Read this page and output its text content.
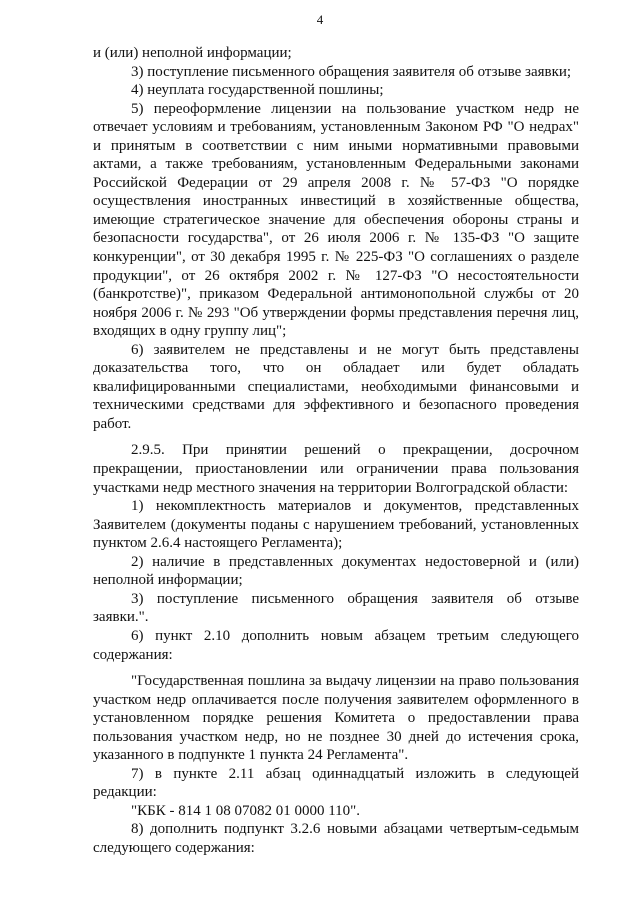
4

и (или) неполной информации;

3) поступление письменного обращения заявителя об отзыве заявки;

4) неуплата государственной пошлины;

5) переоформление лицензии на пользование участком недр не отвечает условиям и требованиям, установленным Законом РФ "О недрах" и принятым в соответствии с ним иными нормативными правовыми актами, а также требованиям, установленным Федеральными законами Российской Федерации от 29 апреля 2008 г. № 57-ФЗ "О порядке осуществления иностранных инвестиций в хозяйственные общества, имеющие стратегическое значение для обеспечения обороны страны и безопасности государства", от 26 июля 2006 г. № 135-ФЗ "О защите конкуренции", от 30 декабря 1995 г. № 225-ФЗ "О соглашениях о разделе продукции", от 26 октября 2002 г. № 127-ФЗ "О несостоятельности (банкротстве)", приказом Федеральной антимонопольной службы от 20 ноября 2006 г. № 293 "Об утверждении формы представления перечня лиц, входящих в одну группу лиц";

6) заявителем не представлены и не могут быть представлены доказательства того, что он обладает или будет обладать квалифицированными специалистами, необходимыми финансовыми и техническими средствами для эффективного и безопасного проведения работ.

2.9.5. При принятии решений о прекращении, досрочном прекращении, приостановлении или ограничении права пользования участками недр местного значения на территории Волгоградской области:

1) некомплектность материалов и документов, представленных Заявителем (документы поданы с нарушением требований, установленных пунктом 2.6.4 настоящего Регламента);

2) наличие в представленных документах недостоверной и (или) неполной информации;

3) поступление письменного обращения заявителя об отзыве заявки.".

6) пункт 2.10 дополнить новым абзацем третьим следующего содержания:

"Государственная пошлина за выдачу лицензии на право пользования участком недр оплачивается после получения заявителем оформленного в установленном порядке решения Комитета о предоставлении права пользования участком недр, но не позднее 30 дней до истечения срока, указанного в подпункте 1 пункта 24 Регламента".

7) в пункте 2.11 абзац одиннадцатый изложить в следующей редакции:

"КБК - 814 1 08 07082 01 0000 110".

8) дополнить подпункт 3.2.6 новыми абзацами четвертым-седьмым следующего содержания:
